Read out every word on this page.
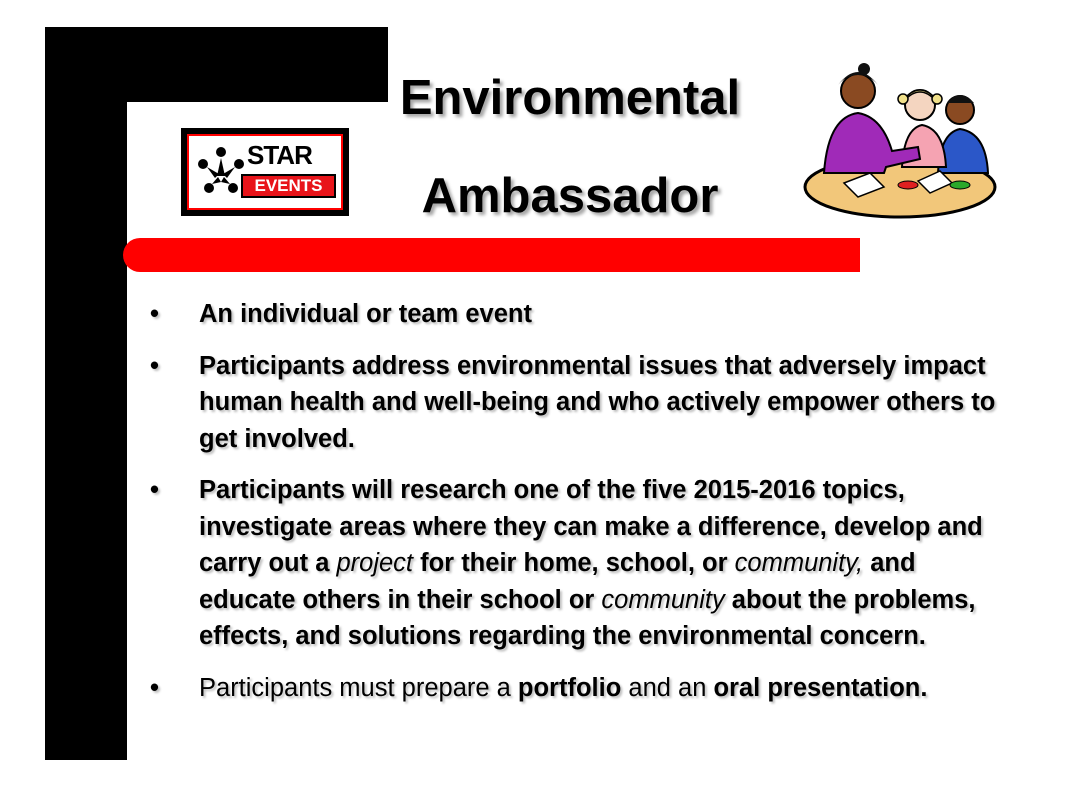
Environmental
Ambassador
STAR
EVENTS
• An individual or team event
• Participants address environmental issues that adversely impact human health and well-being and who actively empower others to get involved.
• Participants will research one of the five 2015-2016 topics, investigate areas where they can make a difference, develop and carry out a project for their home, school, or community, and educate others in their school or community about the problems, effects, and solutions regarding the environmental concern.
• Participants must prepare a portfolio and an oral presentation.
